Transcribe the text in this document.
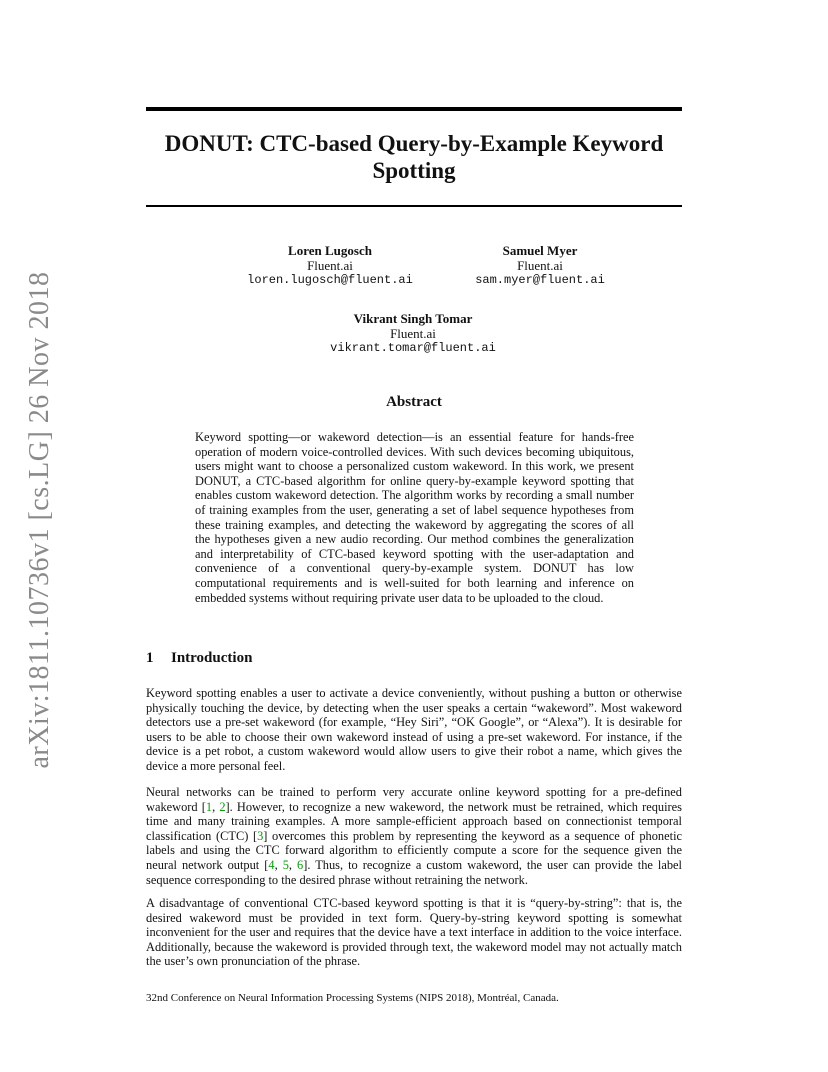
arXiv:1811.10736v1 [cs.LG] 26 Nov 2018
DONUT: CTC-based Query-by-Example Keyword Spotting
Loren Lugosch
Fluent.ai
loren.lugosch@fluent.ai
Samuel Myer
Fluent.ai
sam.myer@fluent.ai
Vikrant Singh Tomar
Fluent.ai
vikrant.tomar@fluent.ai
Abstract
Keyword spotting—or wakeword detection—is an essential feature for hands-free operation of modern voice-controlled devices. With such devices becoming ubiquitous, users might want to choose a personalized custom wakeword. In this work, we present DONUT, a CTC-based algorithm for online query-by-example keyword spotting that enables custom wakeword detection. The algorithm works by recording a small number of training examples from the user, generating a set of label sequence hypotheses from these training examples, and detecting the wakeword by aggregating the scores of all the hypotheses given a new audio recording. Our method combines the generalization and interpretability of CTC-based keyword spotting with the user-adaptation and convenience of a conventional query-by-example system. DONUT has low computational requirements and is well-suited for both learning and inference on embedded systems without requiring private user data to be uploaded to the cloud.
1 Introduction
Keyword spotting enables a user to activate a device conveniently, without pushing a button or otherwise physically touching the device, by detecting when the user speaks a certain “wakeword”. Most wakeword detectors use a pre-set wakeword (for example, “Hey Siri”, “OK Google”, or “Alexa”). It is desirable for users to be able to choose their own wakeword instead of using a pre-set wakeword. For instance, if the device is a pet robot, a custom wakeword would allow users to give their robot a name, which gives the device a more personal feel.
Neural networks can be trained to perform very accurate online keyword spotting for a pre-defined wakeword [1, 2]. However, to recognize a new wakeword, the network must be retrained, which requires time and many training examples. A more sample-efficient approach based on connectionist temporal classification (CTC) [3] overcomes this problem by representing the keyword as a sequence of phonetic labels and using the CTC forward algorithm to efficiently compute a score for the sequence given the neural network output [4, 5, 6]. Thus, to recognize a custom wakeword, the user can provide the label sequence corresponding to the desired phrase without retraining the network.
A disadvantage of conventional CTC-based keyword spotting is that it is “query-by-string”: that is, the desired wakeword must be provided in text form. Query-by-string keyword spotting is somewhat inconvenient for the user and requires that the device have a text interface in addition to the voice interface. Additionally, because the wakeword is provided through text, the wakeword model may not actually match the user’s own pronunciation of the phrase.
32nd Conference on Neural Information Processing Systems (NIPS 2018), Montréal, Canada.
